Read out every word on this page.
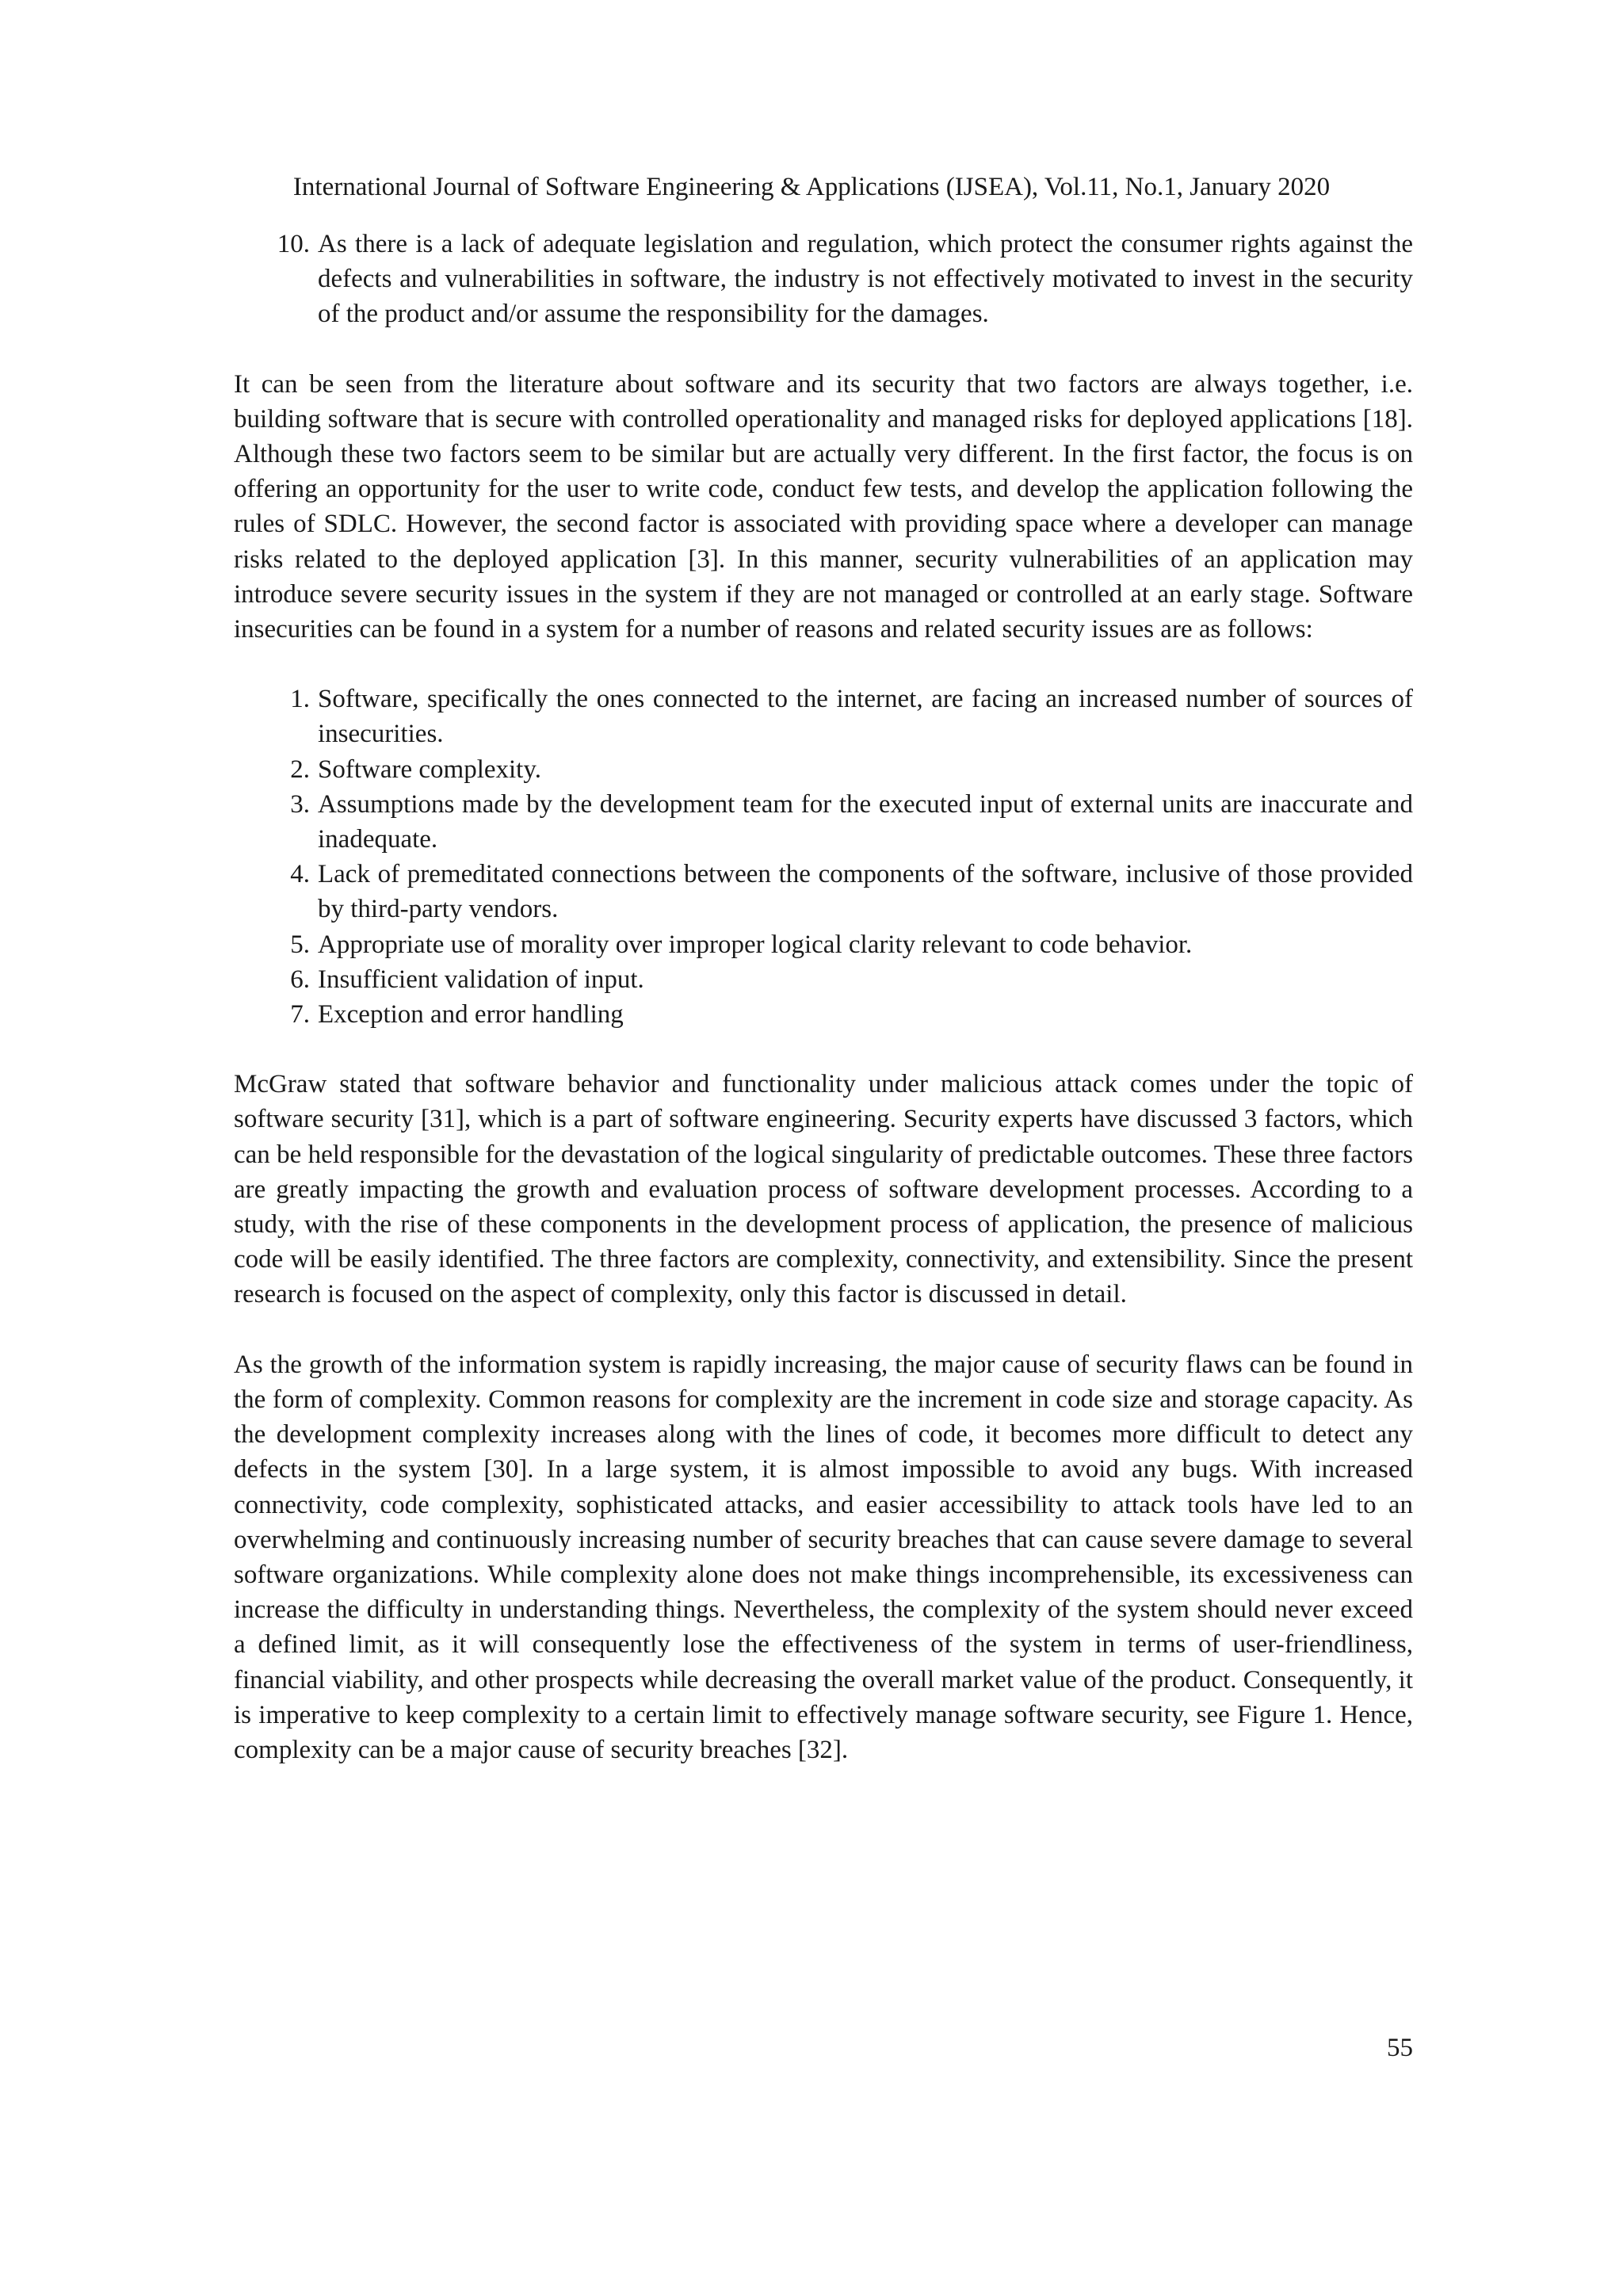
International Journal of Software Engineering & Applications (IJSEA), Vol.11, No.1, January 2020
10. As there is a lack of adequate legislation and regulation, which protect the consumer rights against the defects and vulnerabilities in software, the industry is not effectively motivated to invest in the security of the product and/or assume the responsibility for the damages.

It can be seen from the literature about software and its security that two factors are always together, i.e. building software that is secure with controlled operationality and managed risks for deployed applications [18]. Although these two factors seem to be similar but are actually very different. In the first factor, the focus is on offering an opportunity for the user to write code, conduct few tests, and develop the application following the rules of SDLC. However, the second factor is associated with providing space where a developer can manage risks related to the deployed application [3]. In this manner, security vulnerabilities of an application may introduce severe security issues in the system if they are not managed or controlled at an early stage. Software insecurities can be found in a system for a number of reasons and related security issues are as follows:

1. Software, specifically the ones connected to the internet, are facing an increased number of sources of insecurities.
2. Software complexity.
3. Assumptions made by the development team for the executed input of external units are inaccurate and inadequate.
4. Lack of premeditated connections between the components of the software, inclusive of those provided by third-party vendors.
5. Appropriate use of morality over improper logical clarity relevant to code behavior.
6. Insufficient validation of input.
7. Exception and error handling

McGraw stated that software behavior and functionality under malicious attack comes under the topic of software security [31], which is a part of software engineering. Security experts have discussed 3 factors, which can be held responsible for the devastation of the logical singularity of predictable outcomes. These three factors are greatly impacting the growth and evaluation process of software development processes. According to a study, with the rise of these components in the development process of application, the presence of malicious code will be easily identified. The three factors are complexity, connectivity, and extensibility. Since the present research is focused on the aspect of complexity, only this factor is discussed in detail.

As the growth of the information system is rapidly increasing, the major cause of security flaws can be found in the form of complexity. Common reasons for complexity are the increment in code size and storage capacity. As the development complexity increases along with the lines of code, it becomes more difficult to detect any defects in the system [30]. In a large system, it is almost impossible to avoid any bugs. With increased connectivity, code complexity, sophisticated attacks, and easier accessibility to attack tools have led to an overwhelming and continuously increasing number of security breaches that can cause severe damage to several software organizations. While complexity alone does not make things incomprehensible, its excessiveness can increase the difficulty in understanding things. Nevertheless, the complexity of the system should never exceed a defined limit, as it will consequently lose the effectiveness of the system in terms of user-friendliness, financial viability, and other prospects while decreasing the overall market value of the product. Consequently, it is imperative to keep complexity to a certain limit to effectively manage software security, see Figure 1. Hence, complexity can be a major cause of security breaches [32].

55
